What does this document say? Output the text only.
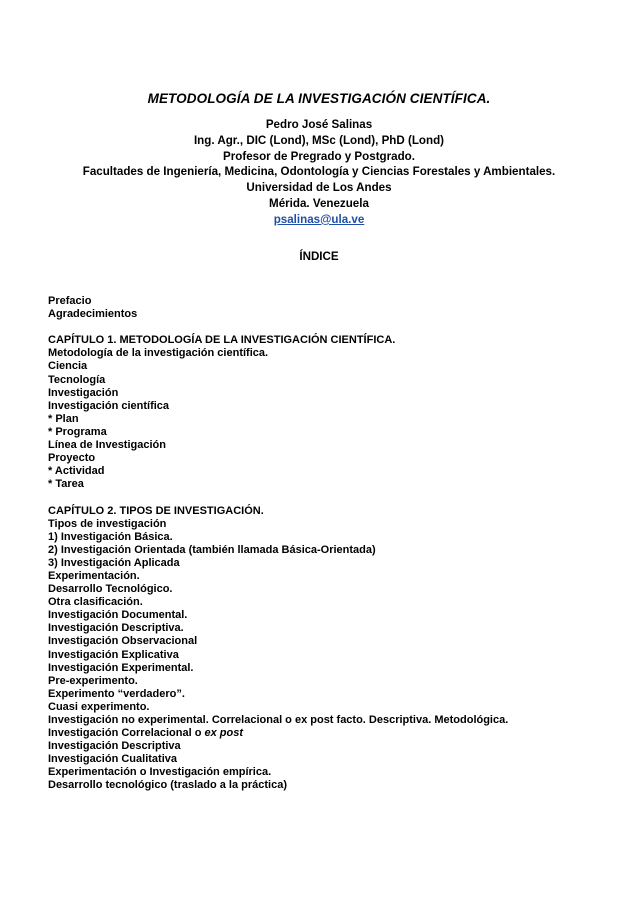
METODOLOGÍA DE LA INVESTIGACIÓN CIENTÍFICA.
Pedro José Salinas
Ing. Agr., DIC (Lond), MSc (Lond), PhD (Lond)
Profesor de Pregrado y Postgrado.
Facultades de Ingeniería, Medicina, Odontología y Ciencias Forestales y Ambientales.
Universidad de Los Andes
Mérida. Venezuela
psalinas@ula.ve
ÍNDICE
Prefacio
Agradecimientos
CAPÍTULO 1. METODOLOGÍA DE LA INVESTIGACIÓN CIENTÍFICA.
Metodología de la investigación científica.
Ciencia
Tecnología
Investigación
Investigación científica
* Plan
* Programa
Línea de Investigación
Proyecto
* Actividad
* Tarea
CAPÍTULO 2. TIPOS DE INVESTIGACIÓN.
Tipos de investigación
1) Investigación Básica.
2) Investigación Orientada (también llamada Básica-Orientada)
3) Investigación Aplicada
Experimentación.
Desarrollo Tecnológico.
Otra clasificación.
Investigación Documental.
Investigación Descriptiva.
Investigación Observacional
Investigación Explicativa
Investigación Experimental.
Pre-experimento.
Experimento “verdadero”.
Cuasi experimento.
Investigación no experimental. Correlacional o ex post facto. Descriptiva. Metodológica.
Investigación Correlacional o ex post
Investigación Descriptiva
Investigación Cualitativa
Experimentación o Investigación empírica.
Desarrollo tecnológico (traslado a la práctica)
